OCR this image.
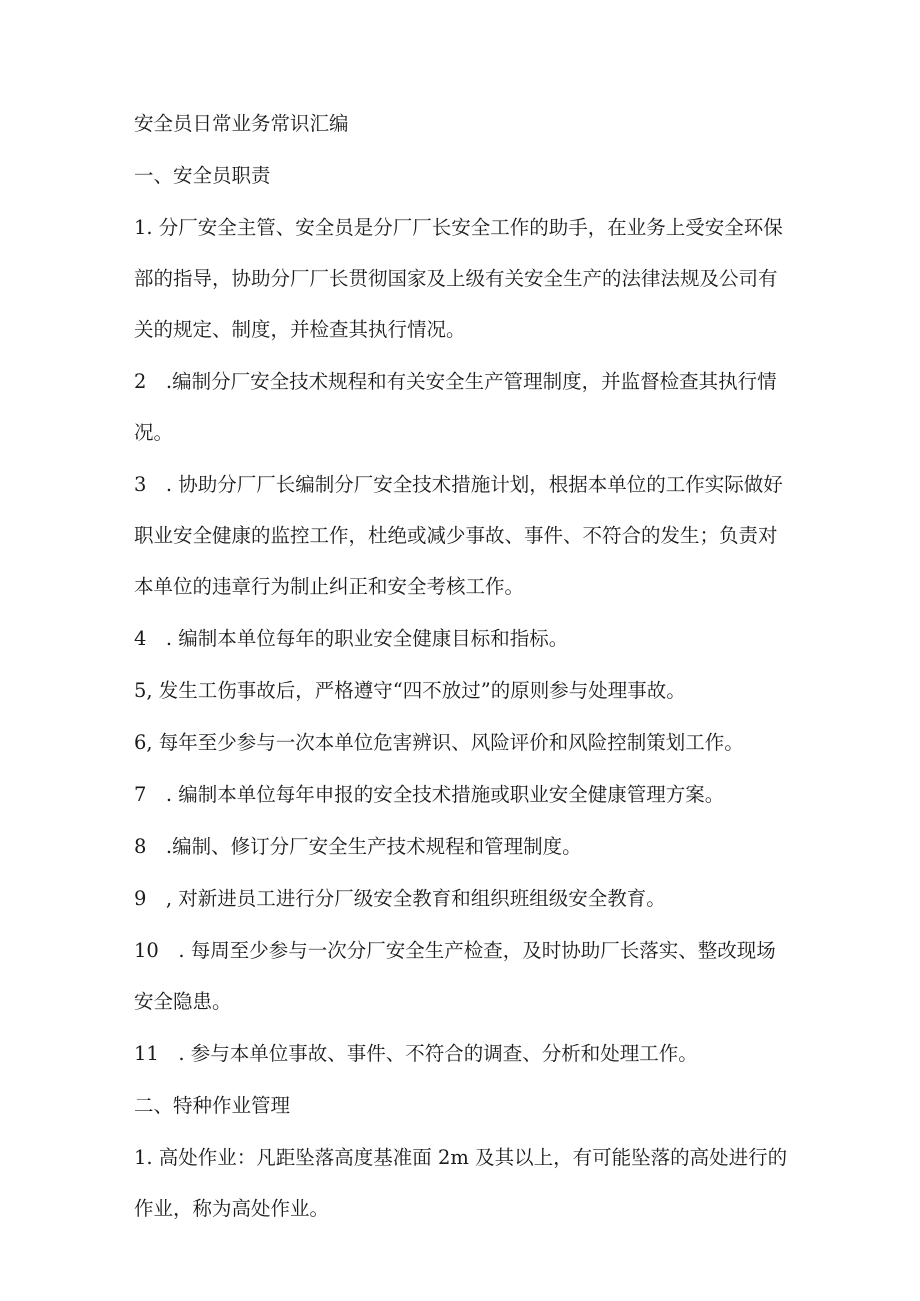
安全员日常业务常识汇编

一、安全员职责

1. 分厂安全主管、安全员是分厂厂长安全工作的助手，在业务上受安全环保
部的指导，协助分厂厂长贯彻国家及上级有关安全生产的法律法规及公司有
关的规定、制度，并检查其执行情况。

2　.编制分厂安全技术规程和有关安全生产管理制度，并监督检查其执行情
况。

3　. 协助分厂厂长编制分厂安全技术措施计划，根据本单位的工作实际做好
职业安全健康的监控工作，杜绝或减少事故、事件、不符合的发生；负责对
本单位的违章行为制止纠正和安全考核工作。

4　. 编制本单位每年的职业安全健康目标和指标。

5, 发生工伤事故后，严格遵守“四不放过”的原则参与处理事故。

6, 每年至少参与一次本单位危害辨识、风险评价和风险控制策划工作。

7　. 编制本单位每年申报的安全技术措施或职业安全健康管理方案。

8　.编制、修订分厂安全生产技术规程和管理制度。

9　, 对新进员工进行分厂级安全教育和组织班组级安全教育。

10　. 每周至少参与一次分厂安全生产检查，及时协助厂长落实、整改现场
安全隐患。

11　. 参与本单位事故、事件、不符合的调查、分析和处理工作。

二、特种作业管理

1. 高处作业：凡距坠落高度基准面 2m 及其以上，有可能坠落的高处进行的
作业，称为高处作业。
